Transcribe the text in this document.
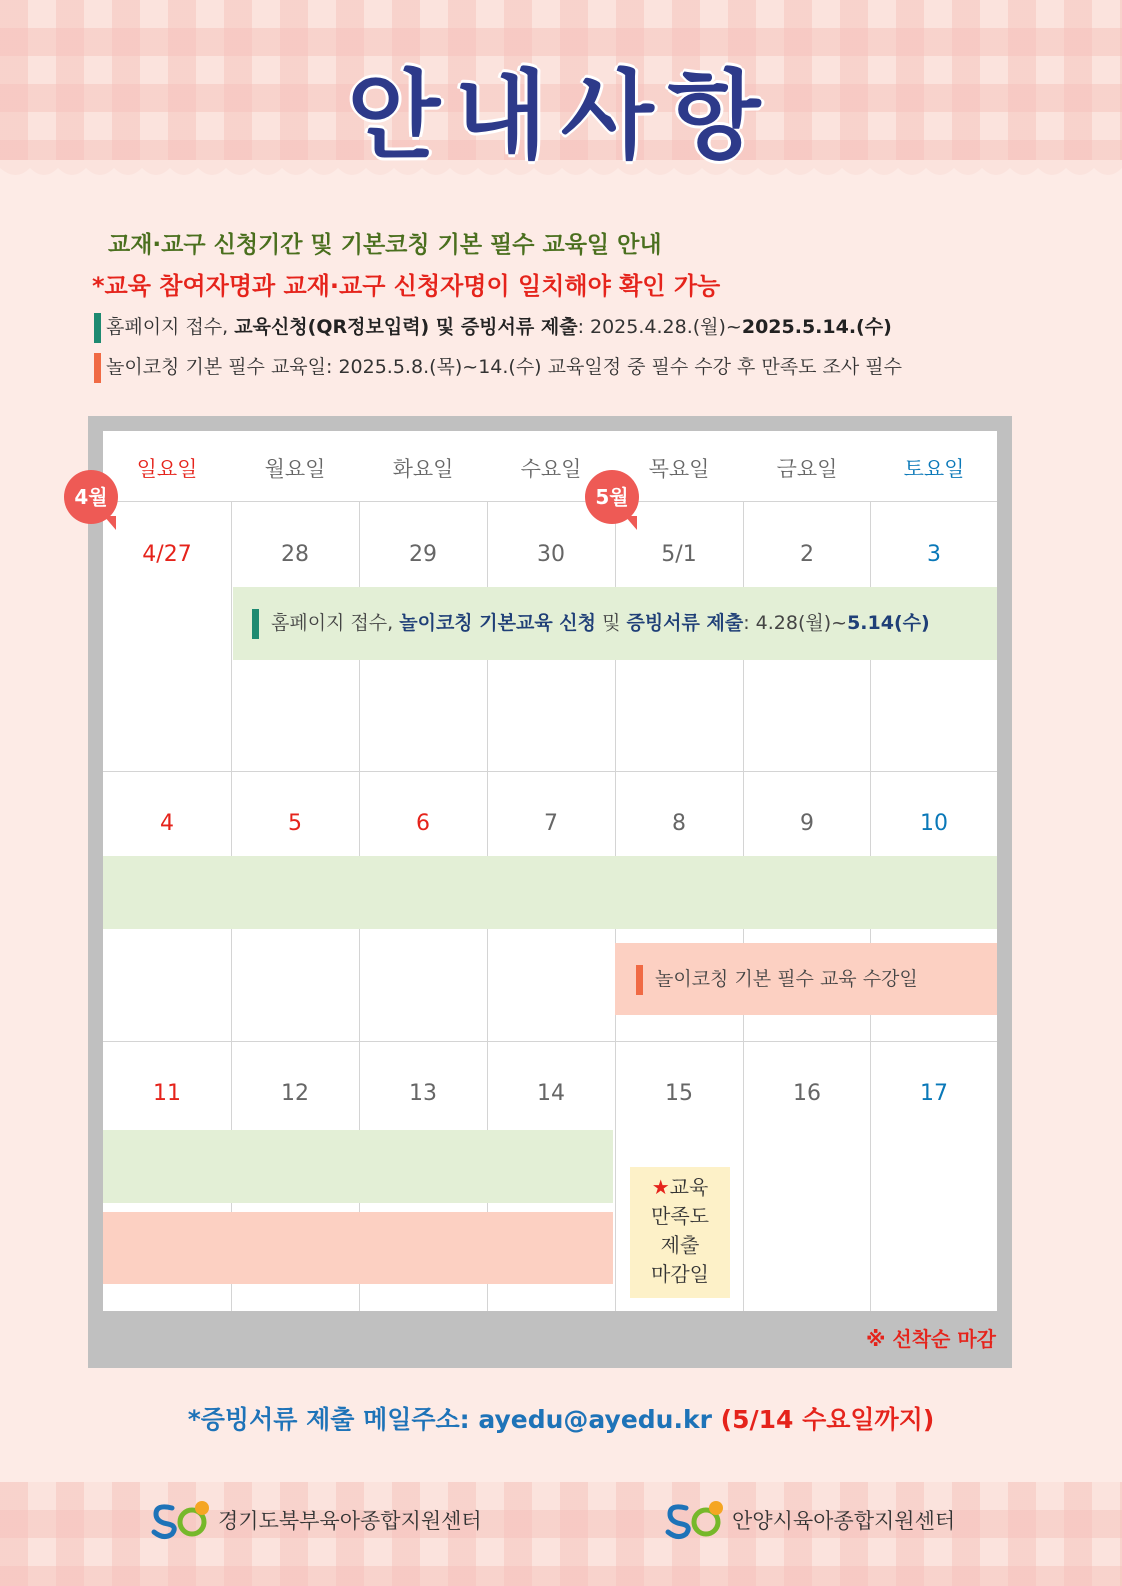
안내사항
교재·교구 신청기간 및 기본코칭 기본 필수 교육일 안내
*교육 참여자명과 교재·교구 신청자명이 일치해야 확인 가능
홈페이지 접수, 교육신청(QR정보입력) 및 증빙서류 제출: 2025.4.28.(월)~2025.5.14.(수)
놀이코칭 기본 필수 교육일: 2025.5.8.(목)~14.(수) 교육일정 중 필수 수강 후 만족도 조사 필수
일요일	월요일	화요일	수요일	목요일	금요일	토요일
홈페이지 접수, 놀이코칭 기본교육 신청 및 증빙서류 제출: 4.28(월)~5.14(수)
놀이코칭 기본 필수 교육 수강일
4/27	28	29	30	5/1	2	3
4	5	6	7	8	9	10
11	12	13	14	15	16	17
★교육
만족도
제출
마감일
※ 선착순 마감
4월	5월
*증빙서류 제출 메일주소: ayedu@ayedu.kr (5/14 수요일까지)
경기도북부육아종합지원센터	안양시육아종합지원센터
